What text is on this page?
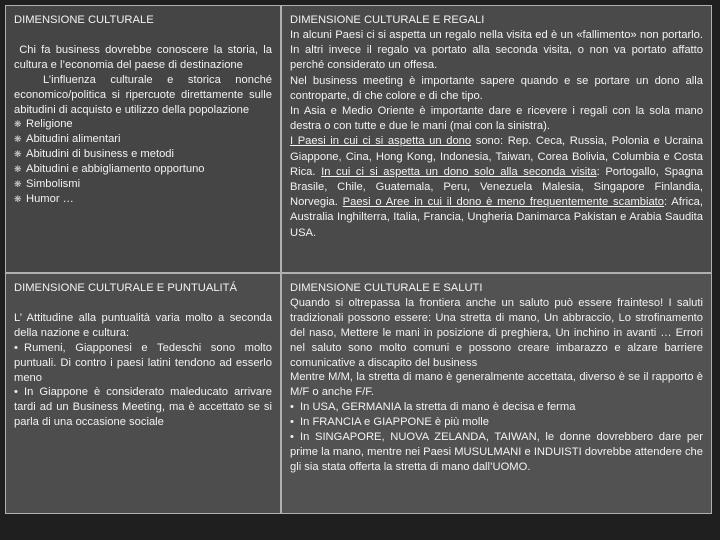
DIMENSIONE CULTURALE

Chi fa business dovrebbe conoscere la storia, la cultura e l’economia del paese di destinazione

L’influenza culturale e storica nonché economico/politica si ripercuote direttamente sulle abitudini di acquisto e utilizzo della popolazione

❋ Religione
❋ Abitudini alimentari
❋ Abitudini di business e metodi
❋ Abitudini e abbigliamento opportuno
❋ Simbolismi
❋ Humor …
DIMENSIONE CULTURALE E REGALI

In alcuni Paesi ci si aspetta un regalo nella visita ed è un «fallimento» non portarlo. In altri invece il regalo va portato alla seconda visita, o non va portato affatto perché considerato un offesa.

Nel business meeting è importante sapere quando e se portare un dono alla controparte, di che colore e di che tipo.

In Asia e Medio Oriente è importante dare e ricevere i regali con la sola mano destra o con tutte e due le mani (mai con la sinistra).

I Paesi in cui ci si aspetta un dono sono: Rep. Ceca, Russia, Polonia e Ucraina Giappone, Cina, Hong Kong, Indonesia, Taiwan, Corea Bolivia, Columbia e Costa Rica. In cui ci si aspetta un dono solo alla seconda visita: Portogallo, Spagna Brasile, Chile, Guatemala, Peru, Venezuela Malesia, Singapore Finlandia, Norvegia. Paesi o Aree in cui il dono è meno frequentemente scambiato: Africa, Australia Inghilterra, Italia, Francia, Ungheria Danimarca Pakistan e Arabia Saudita USA.

DIMENSIONE CULTURALE E PUNTUALITÁ

L’ Attitudine alla puntualità varia molto a seconda della nazione e cultura:

• Rumeni, Giapponesi e Tedeschi sono molto puntuali. Di contro i paesi latini tendono ad esserlo meno

• In Giappone è considerato maleducato arrivare tardi ad un Business Meeting, ma è accettato se si parla di una occasione sociale

DIMENSIONE CULTURALE E SALUTI

Quando si oltrepassa la frontiera anche un saluto può essere frainteso! I saluti tradizionali possono essere: Una stretta di mano, Un abbraccio, Lo strofinamento del naso, Mettere le mani in posizione di preghiera, Un inchino in avanti … Errori nel saluto sono molto comuni e possono creare imbarazzo e alzare barriere comunicative a discapito del business

Mentre M/M, la stretta di mano è generalmente accettata, diverso è se il rapporto è M/F o anche F/F.

• In USA, GERMANIA la stretta di mano è decisa e ferma

• In FRANCIA e GIAPPONE è più molle

• In SINGAPORE, NUOVA ZELANDA, TAIWAN, le donne dovrebbero dare per prime la mano, mentre nei Paesi MUSULMANI e INDUISTI dovrebbe attendere che gli sia stata offerta la stretta di mano dall’UOMO.
